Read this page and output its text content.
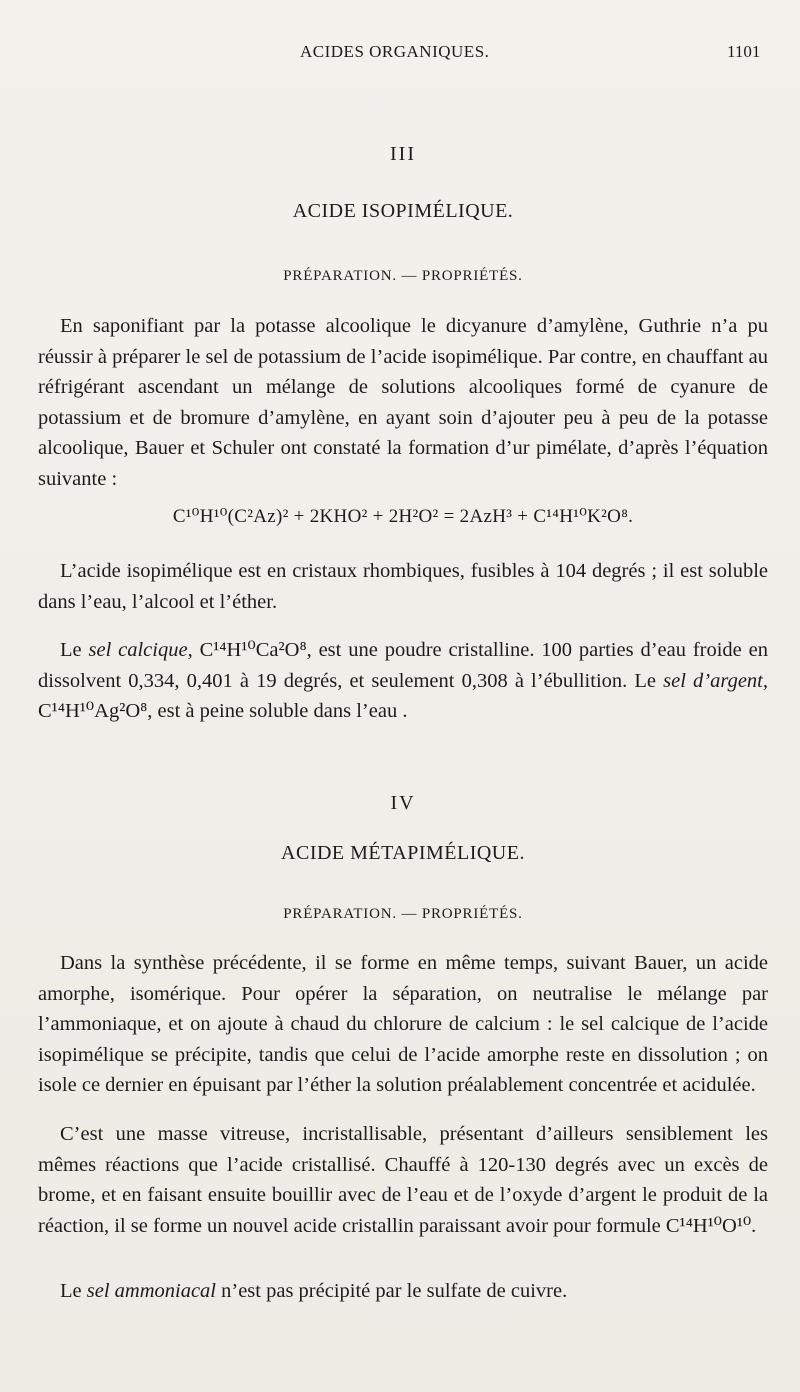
ACIDES ORGANIQUES.	1101
III
ACIDE ISOPIMÉLIQUE.
PRÉPARATION. — PROPRIÉTÉS.

En saponifiant par la potasse alcoolique le dicyanure d’amylène, Guthrie n’a pu réussir à préparer le sel de potassium de l’acide isopimélique. Par contre, en chauffant au réfrigérant ascendant un mélange de solutions alcooliques formé de cyanure de potassium et de bromure d’amylène, en ayant soin d’ajouter peu à peu de la potasse alcoolique, Bauer et Schuler ont constaté la formation d’ur pimélate, d’après l’équation suivante :

C¹⁰H¹⁰(C²Az)² + 2KHO² + 2H²O² = 2AzH³ + C¹⁴H¹⁰K²O⁸.

L’acide isopimélique est en cristaux rhombiques, fusibles à 104 degrés ; il est soluble dans l’eau, l’alcool et l’éther.

Le sel calcique, C¹⁴H¹⁰Ca²O⁸, est une poudre cristalline. 100 parties d’eau froide en dissolvent 0,334, 0,401 à 19 degrés, et seulement 0,308 à l’ébullition. Le sel d’argent, C¹⁴H¹⁰Ag²O⁸, est à peine soluble dans l’eau .

IV
ACIDE MÉTAPIMÉLIQUE.
PRÉPARATION. — PROPRIÉTÉS.

Dans la synthèse précédente, il se forme en même temps, suivant Bauer, un acide amorphe, isomérique. Pour opérer la séparation, on neutralise le mélange par l’ammoniaque, et on ajoute à chaud du chlorure de calcium : le sel calcique de l’acide isopimélique se précipite, tandis que celui de l’acide amorphe reste en dissolution ; on isole ce dernier en épuisant par l’éther la solution préalablement concentrée et acidulée.

C’est une masse vitreuse, incristallisable, présentant d’ailleurs sensiblement les mêmes réactions que l’acide cristallisé. Chauffé à 120-130 degrés avec un excès de brome, et en faisant ensuite bouillir avec de l’eau et de l’oxyde d’argent le produit de la réaction, il se forme un nouvel acide cristallin paraissant avoir pour formule C¹⁴H¹⁰O¹⁰.

Le sel ammoniacal n’est pas précipité par le sulfate de cuivre.
